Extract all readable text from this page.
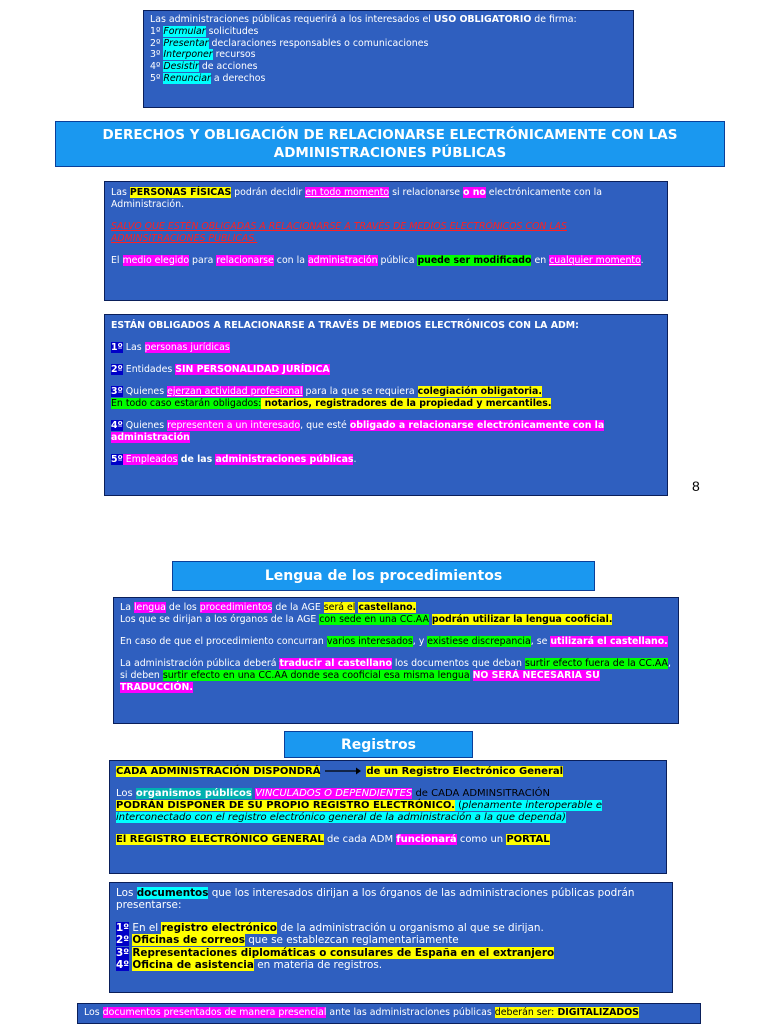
Las administraciones públicas requerirá a los interesados el USO OBLIGATORIO de firma:

1º Formular solicitudes

2º Presentar declaraciones responsables o comunicaciones

3º Interponer recursos

4º Desistir de acciones

5º Renunciar a derechos

DERECHOS Y OBLIGACIÓN DE RELACIONARSE ELECTRÓNICAMENTE CON LAS
ADMINISTRACIONES PÚBLICAS

Las PERSONAS FÍSICAS podrán decidir en todo momento si relacionarse o no electrónicamente con la Administración.

SALVO QUE ESTÉN OBLIGADAS A RELACIONARSE A TRAVÉS DE MEDIOS ELECTRÓNICOS CON LAS ADMINSITRACIONES PÚBLICAS.

El medio elegido para relacionarse con la administración pública puede ser modificado en cualquier momento.

ESTÁN OBLIGADOS A RELACIONARSE A TRAVÉS DE MEDIOS ELECTRÓNICOS CON LA ADM:

1º Las personas jurídicas

2º Entidades SIN PERSONALIDAD JURÍDICA

3º Quienes ejerzan actividad profesional para la que se requiera colegiación obligatoria.
En todo caso estarán obligados: notarios, registradores de la propiedad y mercantiles.

4º Quienes representen a un interesado, que esté obligado a relacionarse electrónicamente con la administración

5º Empleados de las administraciones públicas.

8
Lengua de los procedimientos

La lengua de los procedimientos de la AGE será el castellano.

Los que se dirijan a los órganos de la AGE con sede en una CC.AA podrán utilizar la lengua cooficial.

En caso de que el procedimiento concurran varios interesados, y existiese discrepancia, se utilizará el castellano.

La administración pública deberá traducir al castellano los documentos que deban surtir efecto fuera de la CC.AA, si deben surtir efecto en una CC.AA donde sea cooficial esa misma lengua NO SERÁ NECESARIA SU TRADUCCIÓN.

Registros

CADA ADMINISTRACIÓN DISPONDRÁ	de un Registro Electrónico General

Los organismos públicos VINCULADOS O DEPENDIENTES de CADA ADMINSITRACIÓN

PODRÁN DISPONER DE SU PROPIO REGISTRO ELECTRÓNICO. (plenamente interoperable e interconectado con el registro electrónico general de la administración a la que dependa)

El REGISTRO ELECTRÓNICO GENERAL de cada ADM funcionará como un PORTAL

Los documentos que los interesados dirijan a los órganos de las administraciones públicas podrán presentarse:

1º En el registro electrónico de la administración u organismo al que se dirijan.

2º Oficinas de correos que se establezcan reglamentariamente

3º Representaciones diplomáticas o consulares de España en el extranjero

4º Oficina de asistencia en materia de registros.

Los documentos presentados de manera presencial ante las administraciones públicas deberán ser: DIGITALIZADOS
